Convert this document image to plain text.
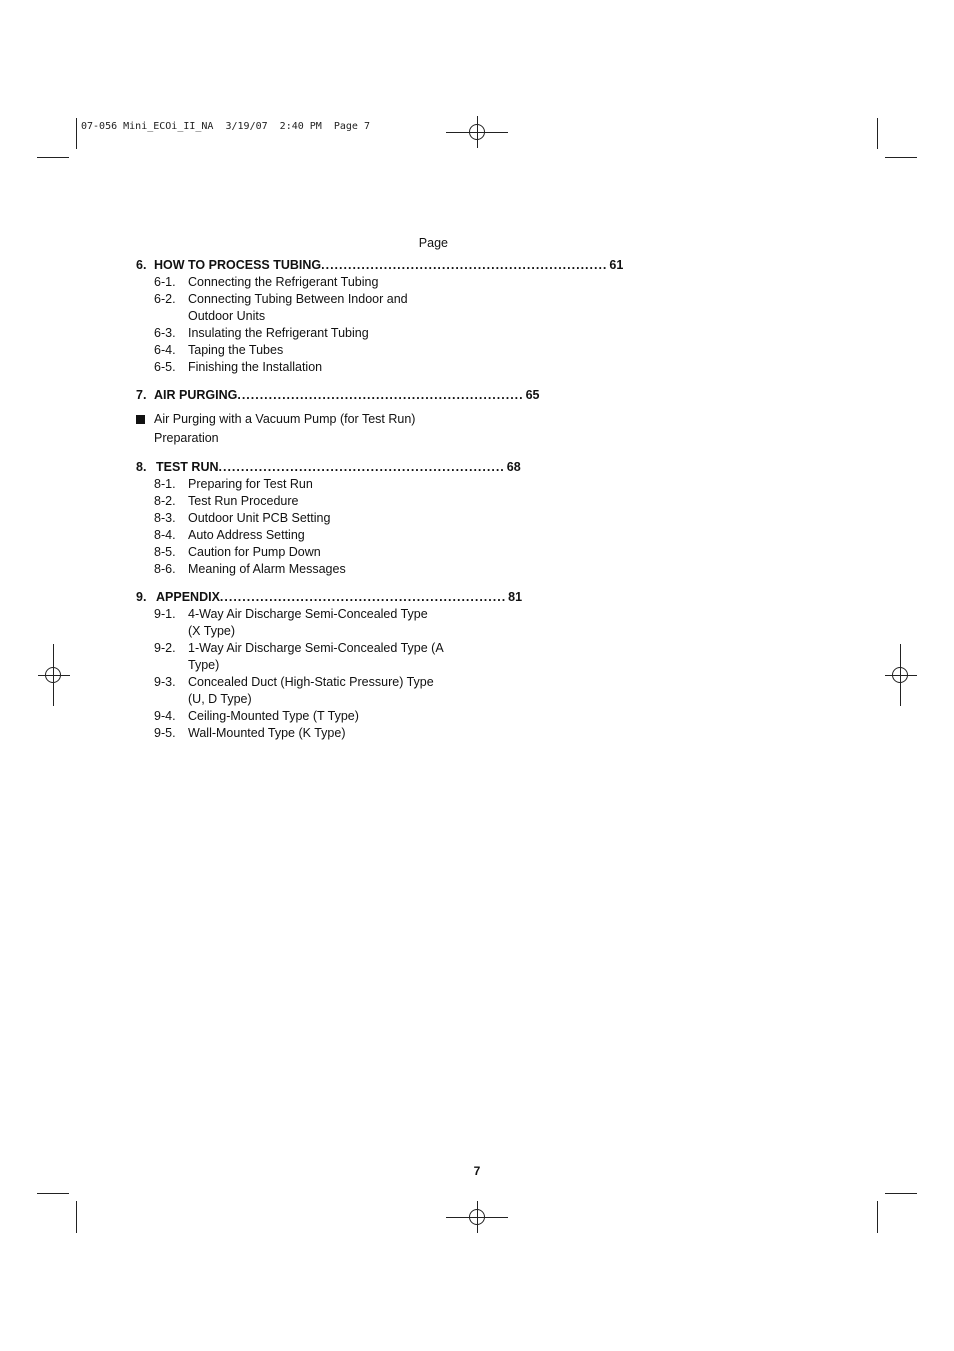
07-056 Mini_ECOi_II_NA  3/19/07  2:40 PM  Page 7
Page
6. HOW TO PROCESS TUBING ................................................................ 61
6-1. Connecting the Refrigerant Tubing
6-2. Connecting Tubing Between Indoor and Outdoor Units
6-3. Insulating the Refrigerant Tubing
6-4. Taping the Tubes
6-5. Finishing the Installation
7. AIR PURGING ................................................................ 65
Air Purging with a Vacuum Pump (for Test Run) Preparation
8. TEST RUN ................................................................ 68
8-1. Preparing for Test Run
8-2. Test Run Procedure
8-3. Outdoor Unit PCB Setting
8-4. Auto Address Setting
8-5. Caution for Pump Down
8-6. Meaning of Alarm Messages
9. APPENDIX ................................................................ 81
9-1. 4-Way Air Discharge Semi-Concealed Type (X Type)
9-2. 1-Way Air Discharge Semi-Concealed Type (A Type)
9-3. Concealed Duct (High-Static Pressure) Type (U, D Type)
9-4. Ceiling-Mounted Type (T Type)
9-5. Wall-Mounted Type (K Type)
7
